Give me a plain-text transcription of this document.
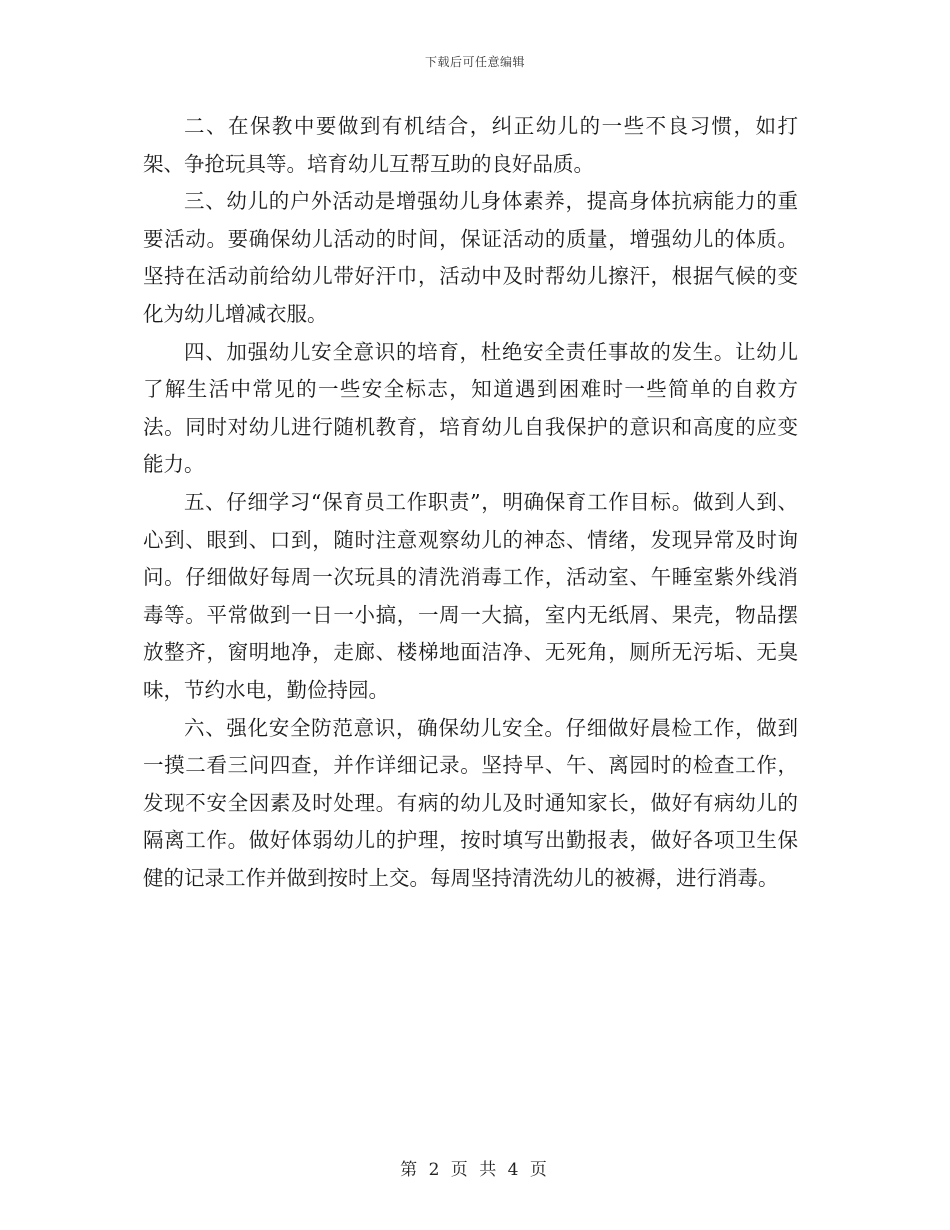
下载后可任意编辑

二、在保教中要做到有机结合，纠正幼儿的一些不良习惯，如打架、争抢玩具等。培育幼儿互帮互助的良好品质。

三、幼儿的户外活动是增强幼儿身体素养，提高身体抗病能力的重要活动。要确保幼儿活动的时间，保证活动的质量，增强幼儿的体质。坚持在活动前给幼儿带好汗巾，活动中及时帮幼儿擦汗，根据气候的变化为幼儿增减衣服。

四、加强幼儿安全意识的培育，杜绝安全责任事故的发生。让幼儿了解生活中常见的一些安全标志，知道遇到困难时一些简单的自救方法。同时对幼儿进行随机教育，培育幼儿自我保护的意识和高度的应变能力。

五、仔细学习“保育员工作职责”，明确保育工作目标。做到人到、心到、眼到、口到，随时注意观察幼儿的神态、情绪，发现异常及时询问。仔细做好每周一次玩具的清洗消毒工作，活动室、午睡室紫外线消毒等。平常做到一日一小搞，一周一大搞，室内无纸屑、果壳，物品摆放整齐，窗明地净，走廊、楼梯地面洁净、无死角，厕所无污垢、无臭味，节约水电，勤俭持园。

六、强化安全防范意识，确保幼儿安全。仔细做好晨检工作，做到一摸二看三问四查，并作详细记录。坚持早、午、离园时的检查工作，发现不安全因素及时处理。有病的幼儿及时通知家长，做好有病幼儿的隔离工作。做好体弱幼儿的护理，按时填写出勤报表，做好各项卫生保健的记录工作并做到按时上交。每周坚持清洗幼儿的被褥，进行消毒。

第 2 页 共 4 页
